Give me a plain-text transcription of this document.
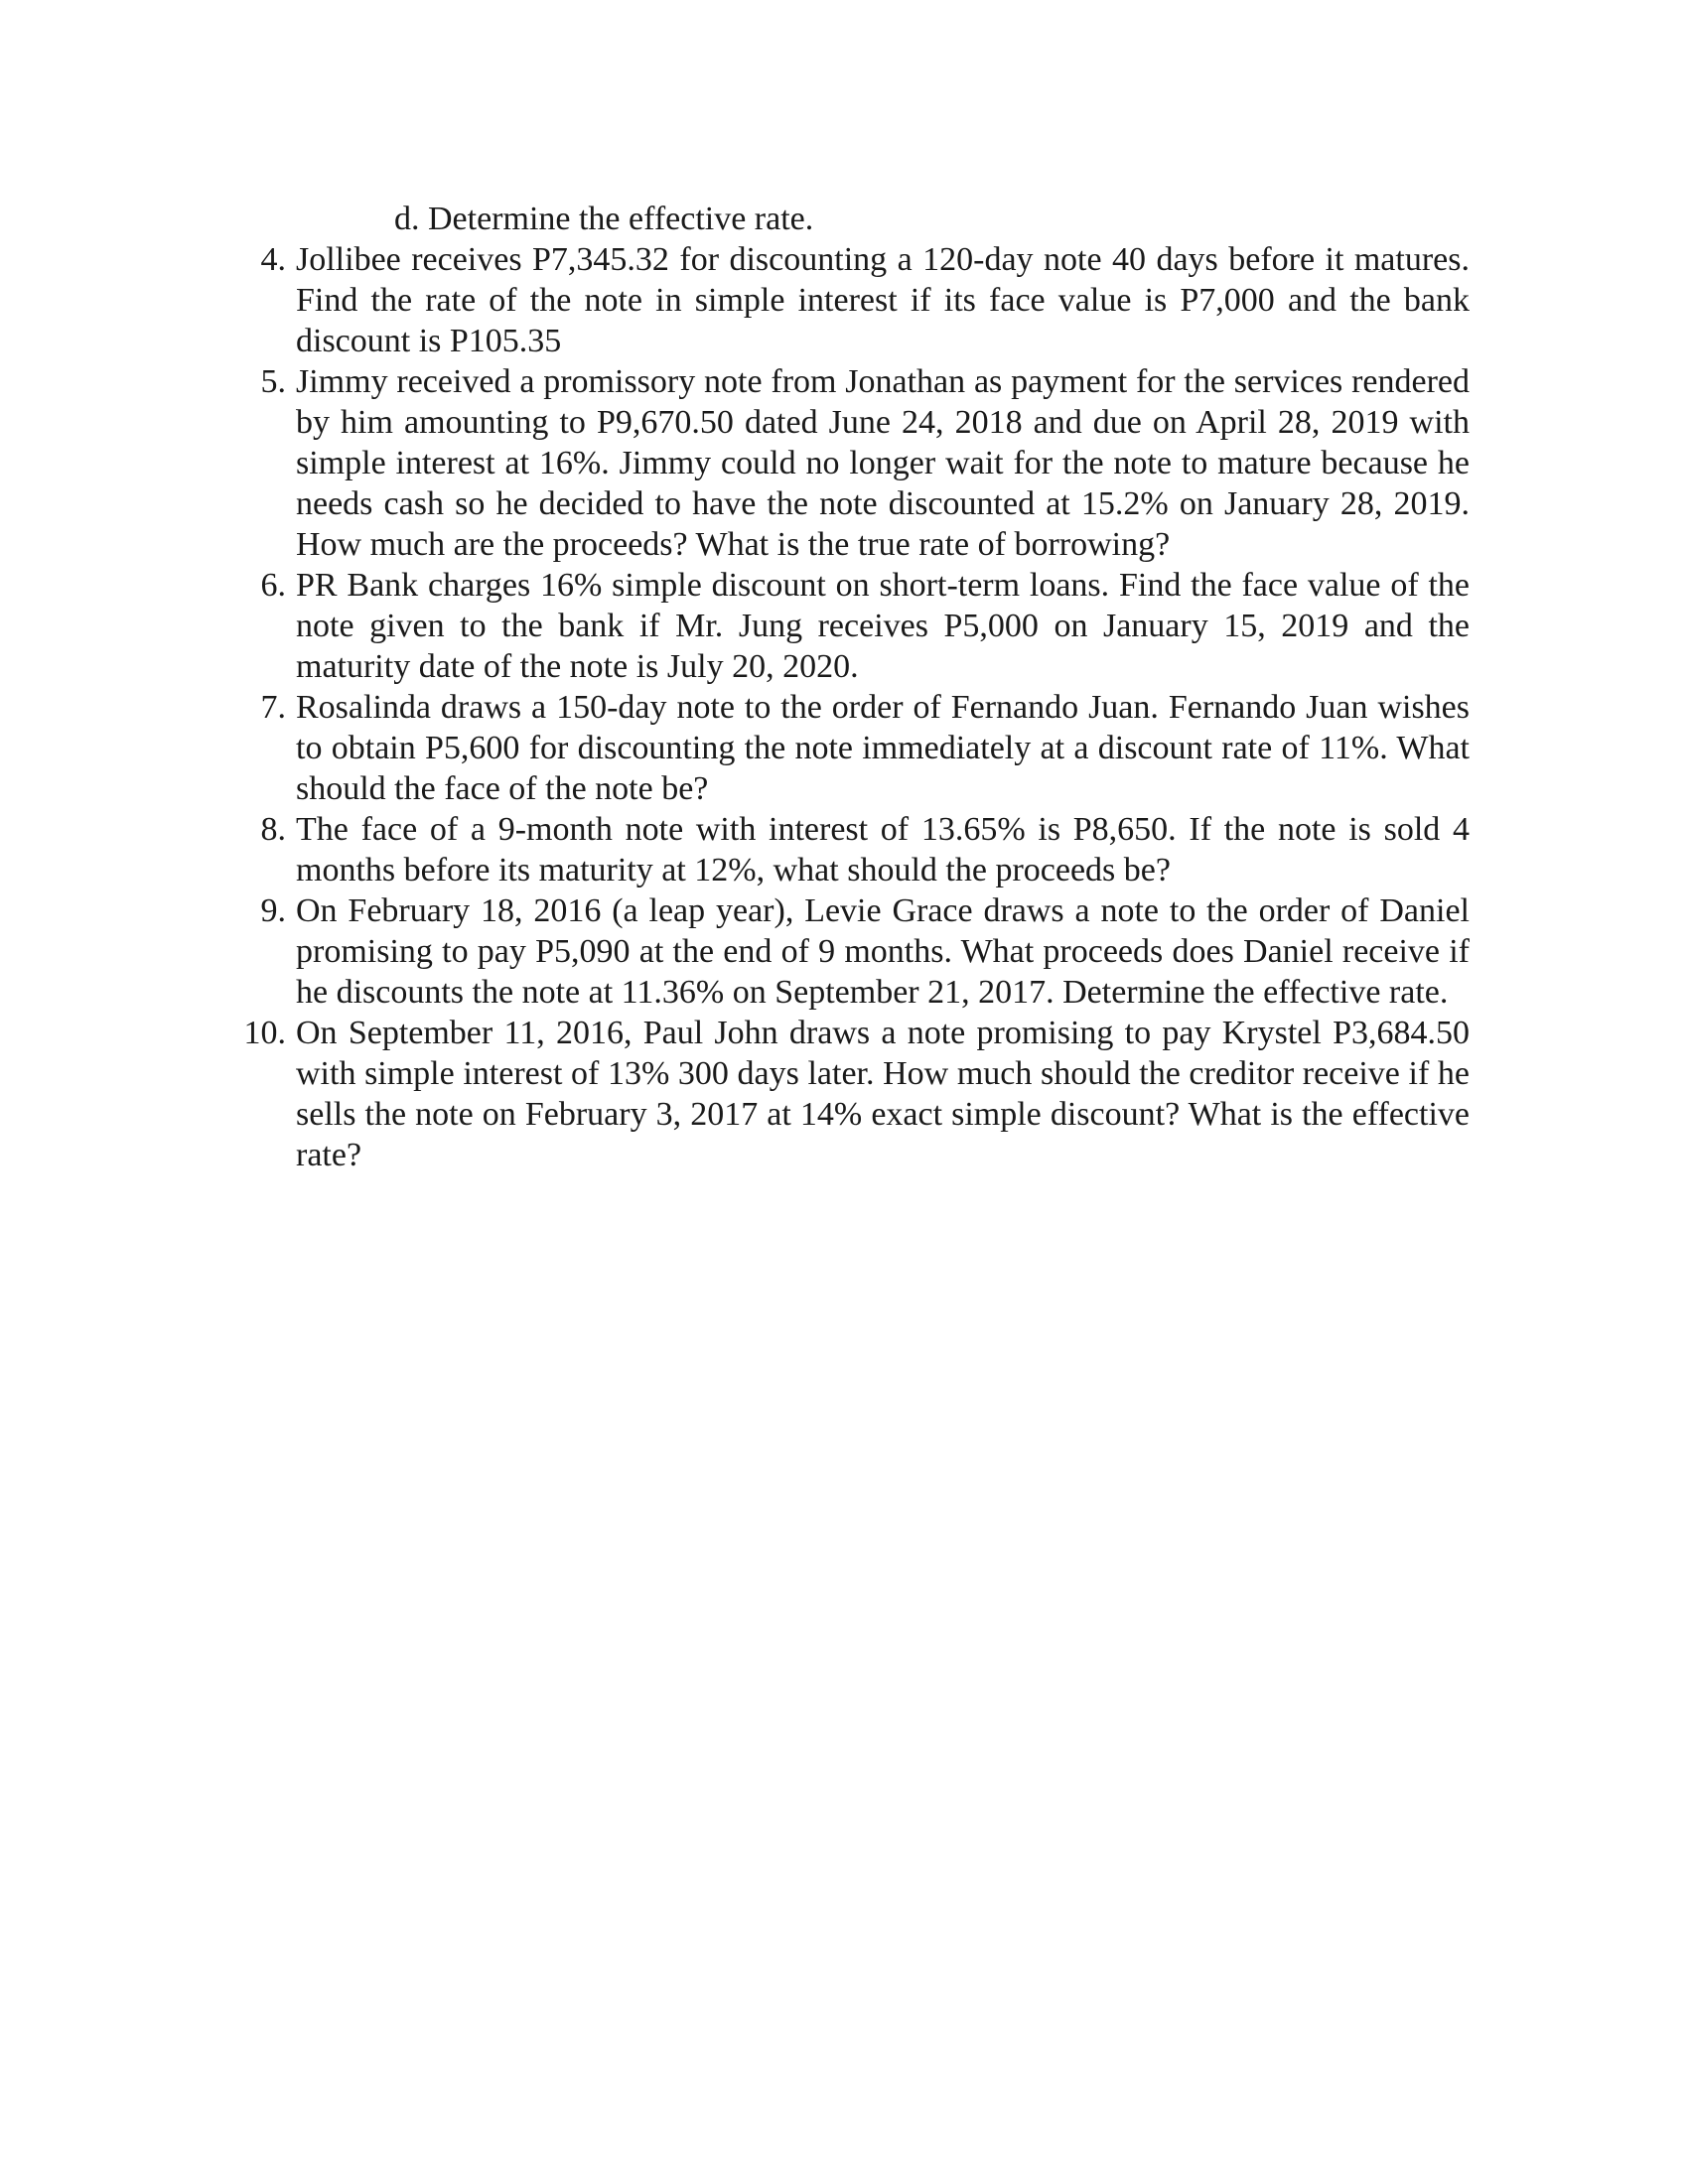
d. Determine the effective rate.
4. Jollibee receives P7,345.32 for discounting a 120-day note 40 days before it matures. Find the rate of the note in simple interest if its face value is P7,000 and the bank discount is P105.35
5. Jimmy received a promissory note from Jonathan as payment for the services rendered by him amounting to P9,670.50 dated June 24, 2018 and due on April 28, 2019 with simple interest at 16%. Jimmy could no longer wait for the note to mature because he needs cash so he decided to have the note discounted at 15.2% on January 28, 2019. How much are the proceeds? What is the true rate of borrowing?
6. PR Bank charges 16% simple discount on short-term loans. Find the face value of the note given to the bank if Mr. Jung receives P5,000 on January 15, 2019 and the maturity date of the note is July 20, 2020.
7. Rosalinda draws a 150-day note to the order of Fernando Juan. Fernando Juan wishes to obtain P5,600 for discounting the note immediately at a discount rate of 11%. What should the face of the note be?
8. The face of a 9-month note with interest of 13.65% is P8,650. If the note is sold 4 months before its maturity at 12%, what should the proceeds be?
9. On February 18, 2016 (a leap year), Levie Grace draws a note to the order of Daniel promising to pay P5,090 at the end of 9 months. What proceeds does Daniel receive if he discounts the note at 11.36% on September 21, 2017. Determine the effective rate.
10. On September 11, 2016, Paul John draws a note promising to pay Krystel P3,684.50 with simple interest of 13% 300 days later. How much should the creditor receive if he sells the note on February 3, 2017 at 14% exact simple discount? What is the effective rate?
